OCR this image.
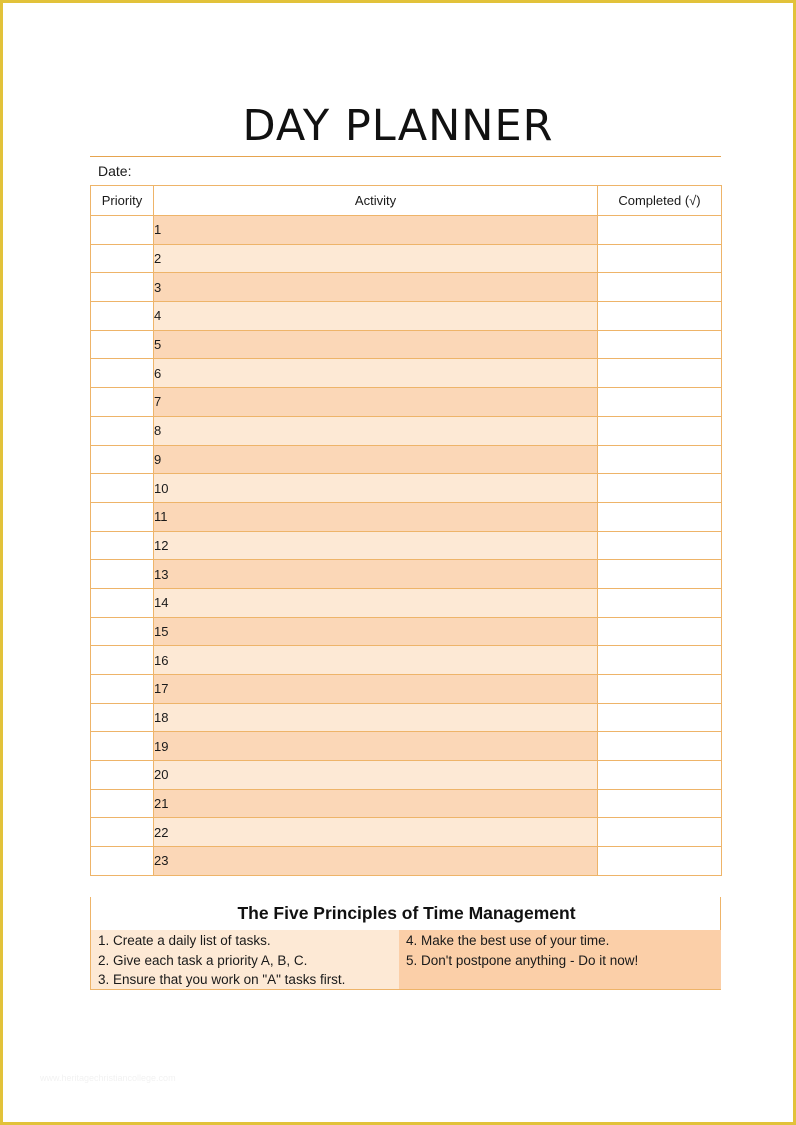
DAY PLANNER
Date:
Priority	Activity	Completed (√)
	1	
	2	
	3	
	4	
	5	
	6	
	7	
	8	
	9	
	10	
	11	
	12	
	13	
	14	
	15	
	16	
	17	
	18	
	19	
	20	
	21	
	22	
	23	
The Five Principles of Time Management
1. Create a daily list of tasks.
2. Give each task a priority A, B, C.
3. Ensure that you work on "A" tasks first.
4. Make the best use of your time.
5. Don't postpone anything - Do it now!
www.heritagechristiancollege.com
